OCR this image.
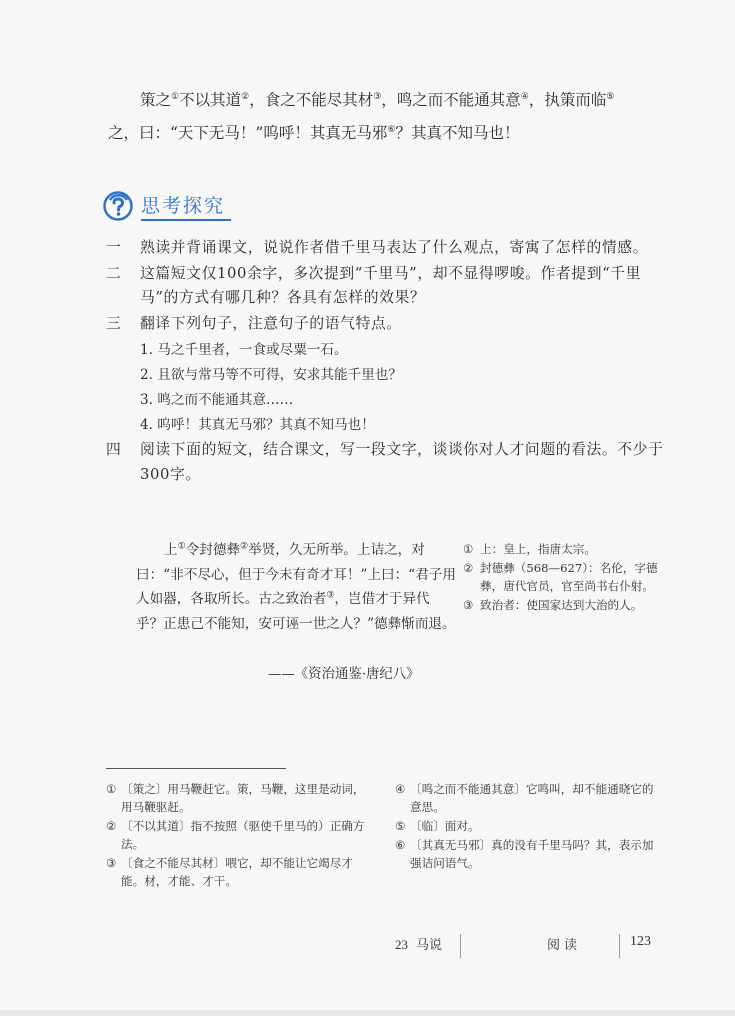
策之①不以其道②，食之不能尽其材③，鸣之而不能通其意④，执策而临⑤

之，曰：“天下无马！”呜呼！其真无马邪⑥？其真不知马也！

思考探究
一	熟读并背诵课文，说说作者借千里马表达了什么观点，寄寓了怎样的情感。
二	这篇短文仅100余字，多次提到“千里马”，却不显得啰唆。作者提到“千里马”的方式有哪几种？各具有怎样的效果？
三	翻译下列句子，注意句子的语气特点。
1. 马之千里者，一食或尽粟一石。
2. 且欲与常马等不可得，安求其能千里也？
3. 鸣之而不能通其意……
4. 呜呼！其真无马邪？其真不知马也！
四	阅读下面的短文，结合课文，写一段文字，谈谈你对人才问题的看法。不少于300字。

上①令封德彝②举贤，久无所举。上诘之，对曰：“非不尽心，但于今未有奇才耳！”上曰：“君子用人如器，各取所长。古之致治者③，岂借才于异代乎？正患己不能知，安可诬一世之人？”德彝惭而退。

——《资治通鉴·唐纪八》
① 上：皇上，指唐太宗。
② 封德彝（568—627）：名伦，字德彝，唐代官员，官至尚书右仆射。
③ 致治者：使国家达到大治的人。
① 〔策之〕用马鞭赶它。策，马鞭，这里是动词，用马鞭驱赶。
② 〔不以其道〕指不按照（驱使千里马的）正确方法。
③ 〔食之不能尽其材〕喂它，却不能让它竭尽才能。材，才能、才干。
④ 〔鸣之而不能通其意〕它鸣叫，却不能通晓它的意思。
⑤ 〔临〕面对。
⑥ 〔其真无马邪〕真的没有千里马吗？其，表示加强诘问语气。
23 马说	阅读	123
